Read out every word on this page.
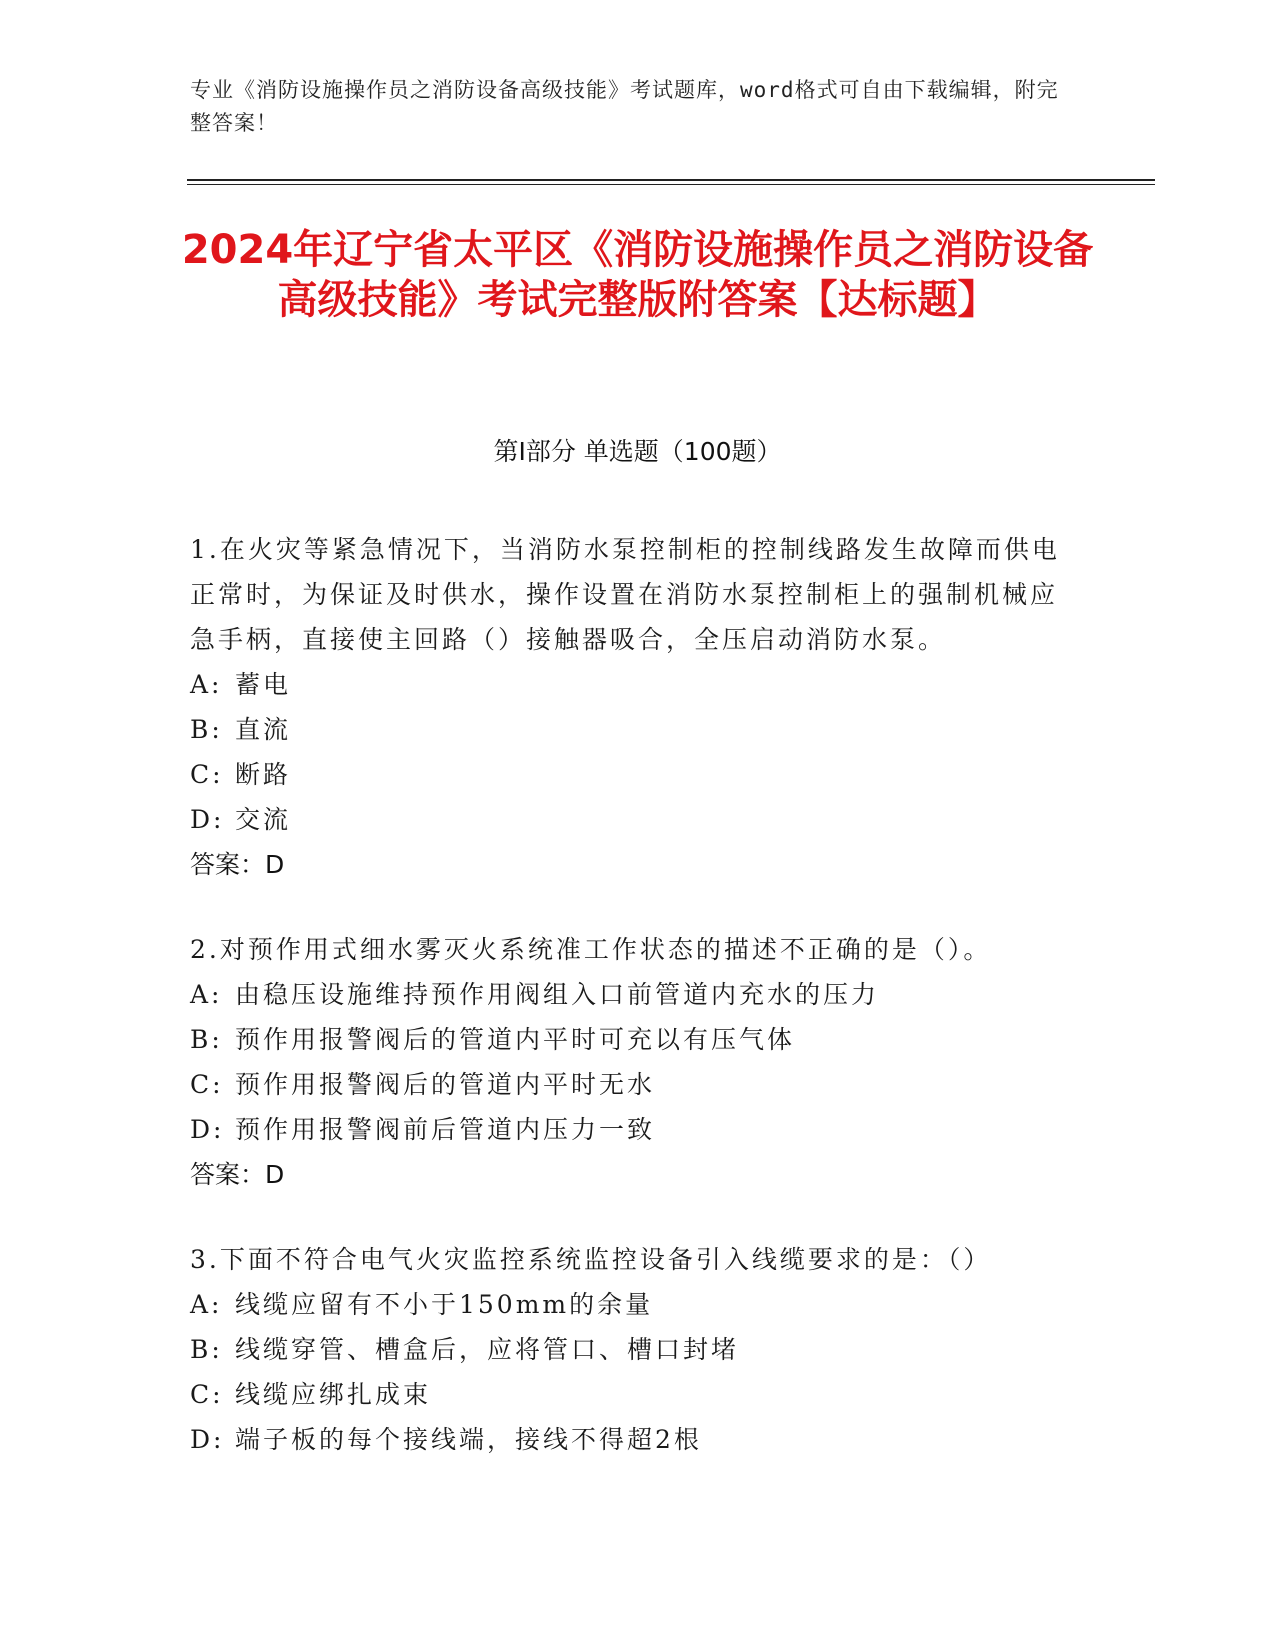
专业《消防设施操作员之消防设备高级技能》考试题库，word格式可自由下载编辑，附完整答案！
2024年辽宁省太平区《消防设施操作员之消防设备高级技能》考试完整版附答案【达标题】
第I部分 单选题（100题）
1.在火灾等紧急情况下，当消防水泵控制柜的控制线路发生故障而供电正常时，为保证及时供水，操作设置在消防水泵控制柜上的强制机械应急手柄，直接使主回路（）接触器吸合，全压启动消防水泵。
A: 蓄电
B: 直流
C: 断路
D: 交流
答案：D
2.对预作用式细水雾灭火系统准工作状态的描述不正确的是（）。
A: 由稳压设施维持预作用阀组入口前管道内充水的压力
B: 预作用报警阀后的管道内平时可充以有压气体
C: 预作用报警阀后的管道内平时无水
D: 预作用报警阀前后管道内压力一致
答案：D
3.下面不符合电气火灾监控系统监控设备引入线缆要求的是：（）
A: 线缆应留有不小于150mm的余量
B: 线缆穿管、槽盒后，应将管口、槽口封堵
C: 线缆应绑扎成束
D: 端子板的每个接线端，接线不得超2根
